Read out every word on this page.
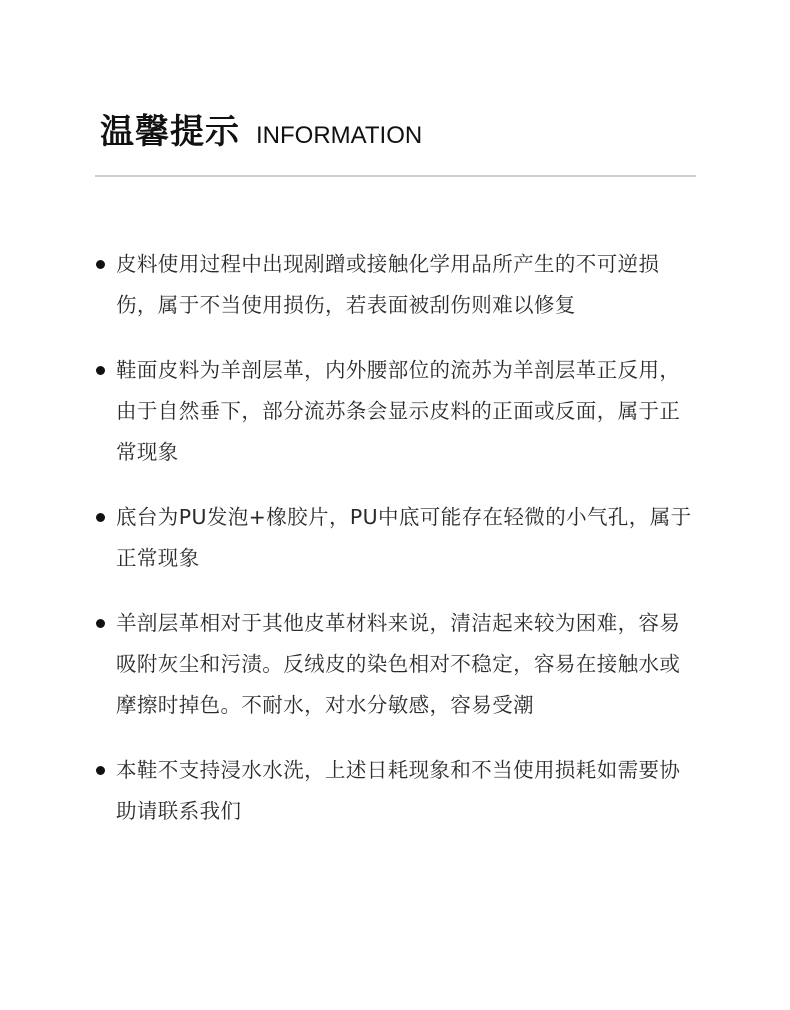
温馨提示 INFORMATION
皮料使用过程中出现剐蹭或接触化学用品所产生的不可逆损伤，属于不当使用损伤，若表面被刮伤则难以修复
鞋面皮料为羊剖层革，内外腰部位的流苏为羊剖层革正反用，由于自然垂下，部分流苏条会显示皮料的正面或反面，属于正常现象
底台为PU发泡+橡胶片，PU中底可能存在轻微的小气孔，属于正常现象
羊剖层革相对于其他皮革材料来说，清洁起来较为困难，容易吸附灰尘和污渍。反绒皮的染色相对不稳定，容易在接触水或摩擦时掉色。不耐水，对水分敏感，容易受潮
本鞋不支持浸水水洗，上述日耗现象和不当使用损耗如需要协助请联系我们
